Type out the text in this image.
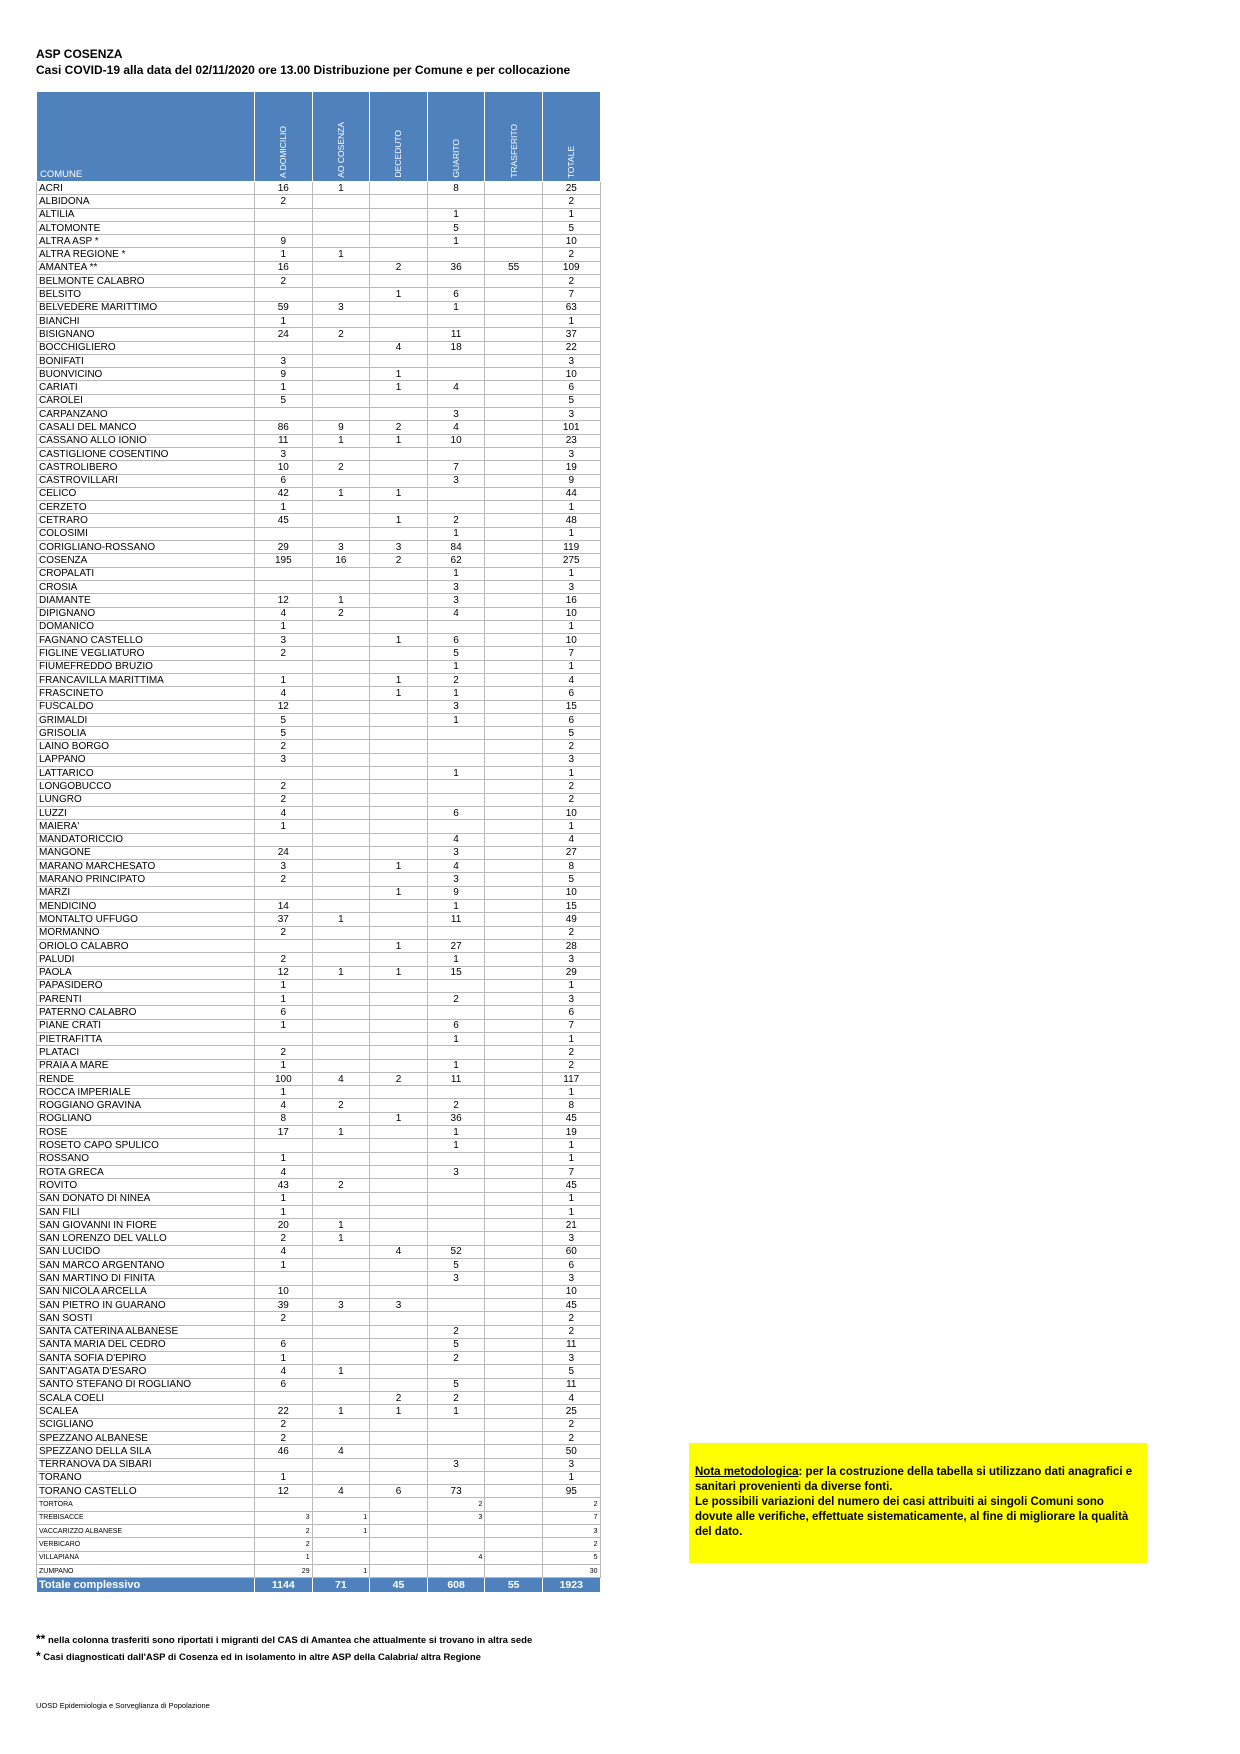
ASP COSENZA
Casi COVID-19 alla data del 02/11/2020 ore 13.00 Distribuzione per Comune e per collocazione
COMUNE	A DOMICILIO	AO COSENZA	DECEDUTO	GUARITO	TRASFERITO	TOTALE

ACRI	16	1		8		25
ALBIDONA	2					2
ALTILIA				1		1
ALTOMONTE				5		5
ALTRA ASP *	9			1		10
ALTRA REGIONE *	1	1				2
AMANTEA **	16		2	36	55	109
BELMONTE CALABRO	2					2
BELSITO			1	6		7
BELVEDERE MARITTIMO	59	3		1		63
BIANCHI	1					1
BISIGNANO	24	2		11		37
BOCCHIGLIERO			4	18		22
BONIFATI	3					3
BUONVICINO	9		1			10
CARIATI	1		1	4		6
CAROLEI	5					5
CARPANZANO				3		3
CASALI DEL MANCO	86	9	2	4		101
CASSANO ALLO IONIO	11	1	1	10		23
CASTIGLIONE COSENTINO	3					3
CASTROLIBERO	10	2		7		19
CASTROVILLARI	6			3		9
CELICO	42	1	1			44
CERZETO	1					1
CETRARO	45		1	2		48
COLOSIMI				1		1
CORIGLIANO-ROSSANO	29	3	3	84		119
COSENZA	195	16	2	62		275
CROPALATI				1		1
CROSIA				3		3
DIAMANTE	12	1		3		16
DIPIGNANO	4	2		4		10
DOMANICO	1					1
FAGNANO CASTELLO	3		1	6		10
FIGLINE VEGLIATURO	2			5		7
FIUMEFREDDO BRUZIO				1		1
FRANCAVILLA MARITTIMA	1		1	2		4
FRASCINETO	4		1	1		6
FUSCALDO	12			3		15
GRIMALDI	5			1		6
GRISOLIA	5					5
LAINO BORGO	2					2
LAPPANO	3					3
LATTARICO				1		1
LONGOBUCCO	2					2
LUNGRO	2					2
LUZZI	4			6		10
MAIERA'	1					1
MANDATORICCIO				4		4
MANGONE	24			3		27
MARANO MARCHESATO	3		1	4		8
MARANO PRINCIPATO	2			3		5
MARZI			1	9		10
MENDICINO	14			1		15
MONTALTO UFFUGO	37	1		11		49
MORMANNO	2					2
ORIOLO CALABRO			1	27		28
PALUDI	2			1		3
PAOLA	12	1	1	15		29
PAPASIDERO	1					1
PARENTI	1			2		3
PATERNO CALABRO	6					6
PIANE CRATI	1			6		7
PIETRAFITTA				1		1
PLATACI	2					2
PRAIA A MARE	1			1		2
RENDE	100	4	2	11		117
ROCCA IMPERIALE	1					1
ROGGIANO GRAVINA	4	2		2		8
ROGLIANO	8		1	36		45
ROSE	17	1		1		19
ROSETO CAPO SPULICO				1		1
ROSSANO	1					1
ROTA GRECA	4			3		7
ROVITO	43	2				45
SAN DONATO DI NINEA	1					1
SAN FILI	1					1
SAN GIOVANNI IN FIORE	20	1				21
SAN LORENZO DEL VALLO	2	1				3
SAN LUCIDO	4		4	52		60
SAN MARCO ARGENTANO	1			5		6
SAN MARTINO DI FINITA				3		3
SAN NICOLA ARCELLA	10					10
SAN PIETRO IN GUARANO	39	3	3			45
SAN SOSTI	2					2
SANTA CATERINA ALBANESE				2		2
SANTA MARIA DEL CEDRO	6			5		11
SANTA SOFIA D'EPIRO	1			2		3
SANT'AGATA D'ESARO	4	1				5
SANTO STEFANO DI ROGLIANO	6			5		11
SCALA COELI			2	2		4
SCALEA	22	1	1	1		25
SCIGLIANO	2					2
SPEZZANO ALBANESE	2					2
SPEZZANO DELLA SILA	46	4				50
TERRANOVA DA SIBARI				3		3
TORANO	1					1
TORANO CASTELLO	12	4	6	73		95
TORTORA				2		2
TREBISACCE	3	1		3		7
VACCARIZZO ALBANESE	2	1				3
VERBICARO	2					2
VILLAPIANA	1			4		5
ZUMPANO	29	1				30
Totale complessivo	1144	71	45	608	55	1923
Nota metodologica: per la costruzione della tabella si utilizzano dati anagrafici e sanitari provenienti da diverse fonti.
Le possibili variazioni del numero dei casi attribuiti ai singoli Comuni sono dovute alle verifiche, effettuate sistematicamente, al fine di migliorare la qualità del dato.
** nella colonna trasferiti sono riportati i migranti del CAS di Amantea che attualmente si trovano in altra sede
* Casi diagnosticati dall'ASP di Cosenza ed in isolamento in altre ASP della Calabria/ altra Regione
UOSD Epidemiologia e Sorveglianza di Popolazione
